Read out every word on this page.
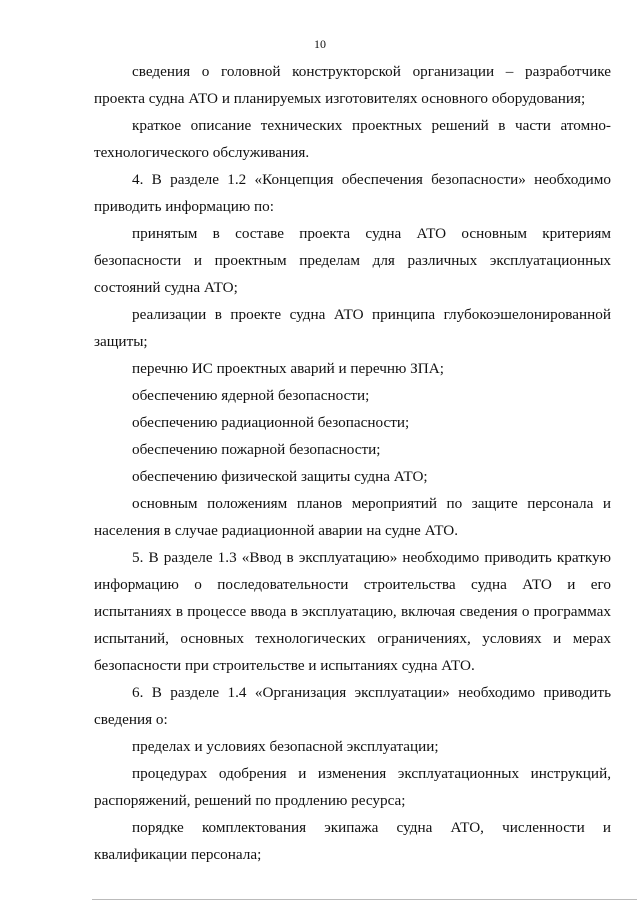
10

сведения о головной конструкторской организации – разработчике проекта судна АТО и планируемых изготовителях основного оборудования;

краткое описание технических проектных решений в части атомно-технологического обслуживания.

4. В разделе 1.2 «Концепция обеспечения безопасности» необходимо приводить информацию по:

принятым в составе проекта судна АТО основным критериям безопасности и проектным пределам для различных эксплуатационных состояний судна АТО;

реализации в проекте судна АТО принципа глубокоэшелонированной защиты;

перечню ИС проектных аварий и перечню ЗПА;

обеспечению ядерной безопасности;

обеспечению радиационной безопасности;

обеспечению пожарной безопасности;

обеспечению физической защиты судна АТО;

основным положениям планов мероприятий по защите персонала и населения в случае радиационной аварии на судне АТО.

5. В разделе 1.3 «Ввод в эксплуатацию» необходимо приводить краткую информацию о последовательности строительства судна АТО и его испытаниях в процессе ввода в эксплуатацию, включая сведения о программах испытаний, основных технологических ограничениях, условиях и мерах безопасности при строительстве и испытаниях судна АТО.

6. В разделе 1.4 «Организация эксплуатации» необходимо приводить сведения о:

пределах и условиях безопасной эксплуатации;

процедурах одобрения и изменения эксплуатационных инструкций, распоряжений, решений по продлению ресурса;

порядке комплектования экипажа судна АТО, численности и квалификации персонала;
